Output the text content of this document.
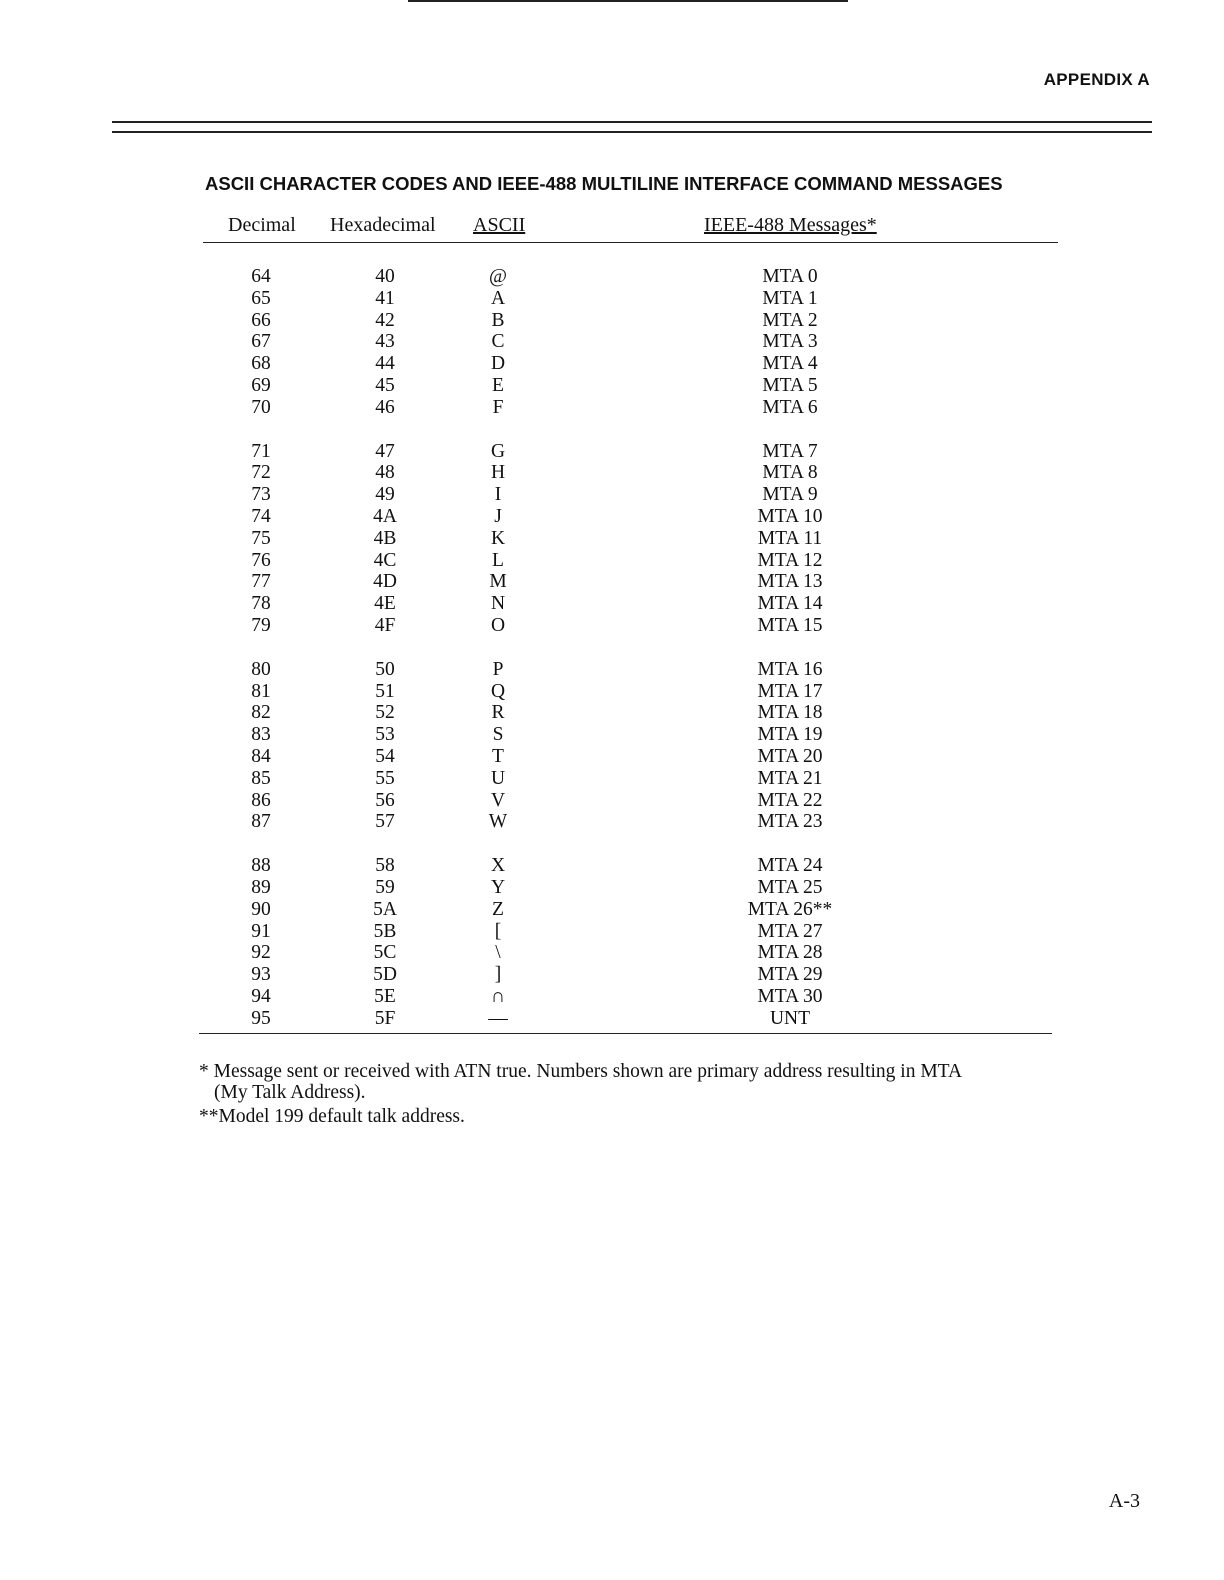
APPENDIX A
ASCII CHARACTER CODES AND IEEE-488 MULTILINE INTERFACE COMMAND MESSAGES
Decimal Hexadecimal ASCII	IEEE-488 Messages*
64	40	@	MTA 0
65	41	A	MTA 1
66	42	B	MTA 2
67	43	C	MTA 3
68	44	D	MTA 4
69	45	E	MTA 5
70	46	F	MTA 6
71	47	G	MTA 7
72	48	H	MTA 8
73	49	I	MTA 9
74	4A	J	MTA 10
75	4B	K	MTA 11
76	4C	L	MTA 12
77	4D	M	MTA 13
78	4E	N	MTA 14
79	4F	O	MTA 15
80	50	P	MTA 16
81	51	Q	MTA 17
82	52	R	MTA 18
83	53	S	MTA 19
84	54	T	MTA 20
85	55	U	MTA 21
86	56	V	MTA 22
87	57	W	MTA 23
88	58	X	MTA 24
89	59	Y	MTA 25
90	5A	Z	MTA 26**
91	5B	[	MTA 27
92	5C	\	MTA 28
93	5D	]	MTA 29
94	5E	∩	MTA 30
95	5F	—	UNT
* Message sent or received with ATN true. Numbers shown are primary address resulting in MTA
(My Talk Address).
**Model 199 default talk address.
A-3
